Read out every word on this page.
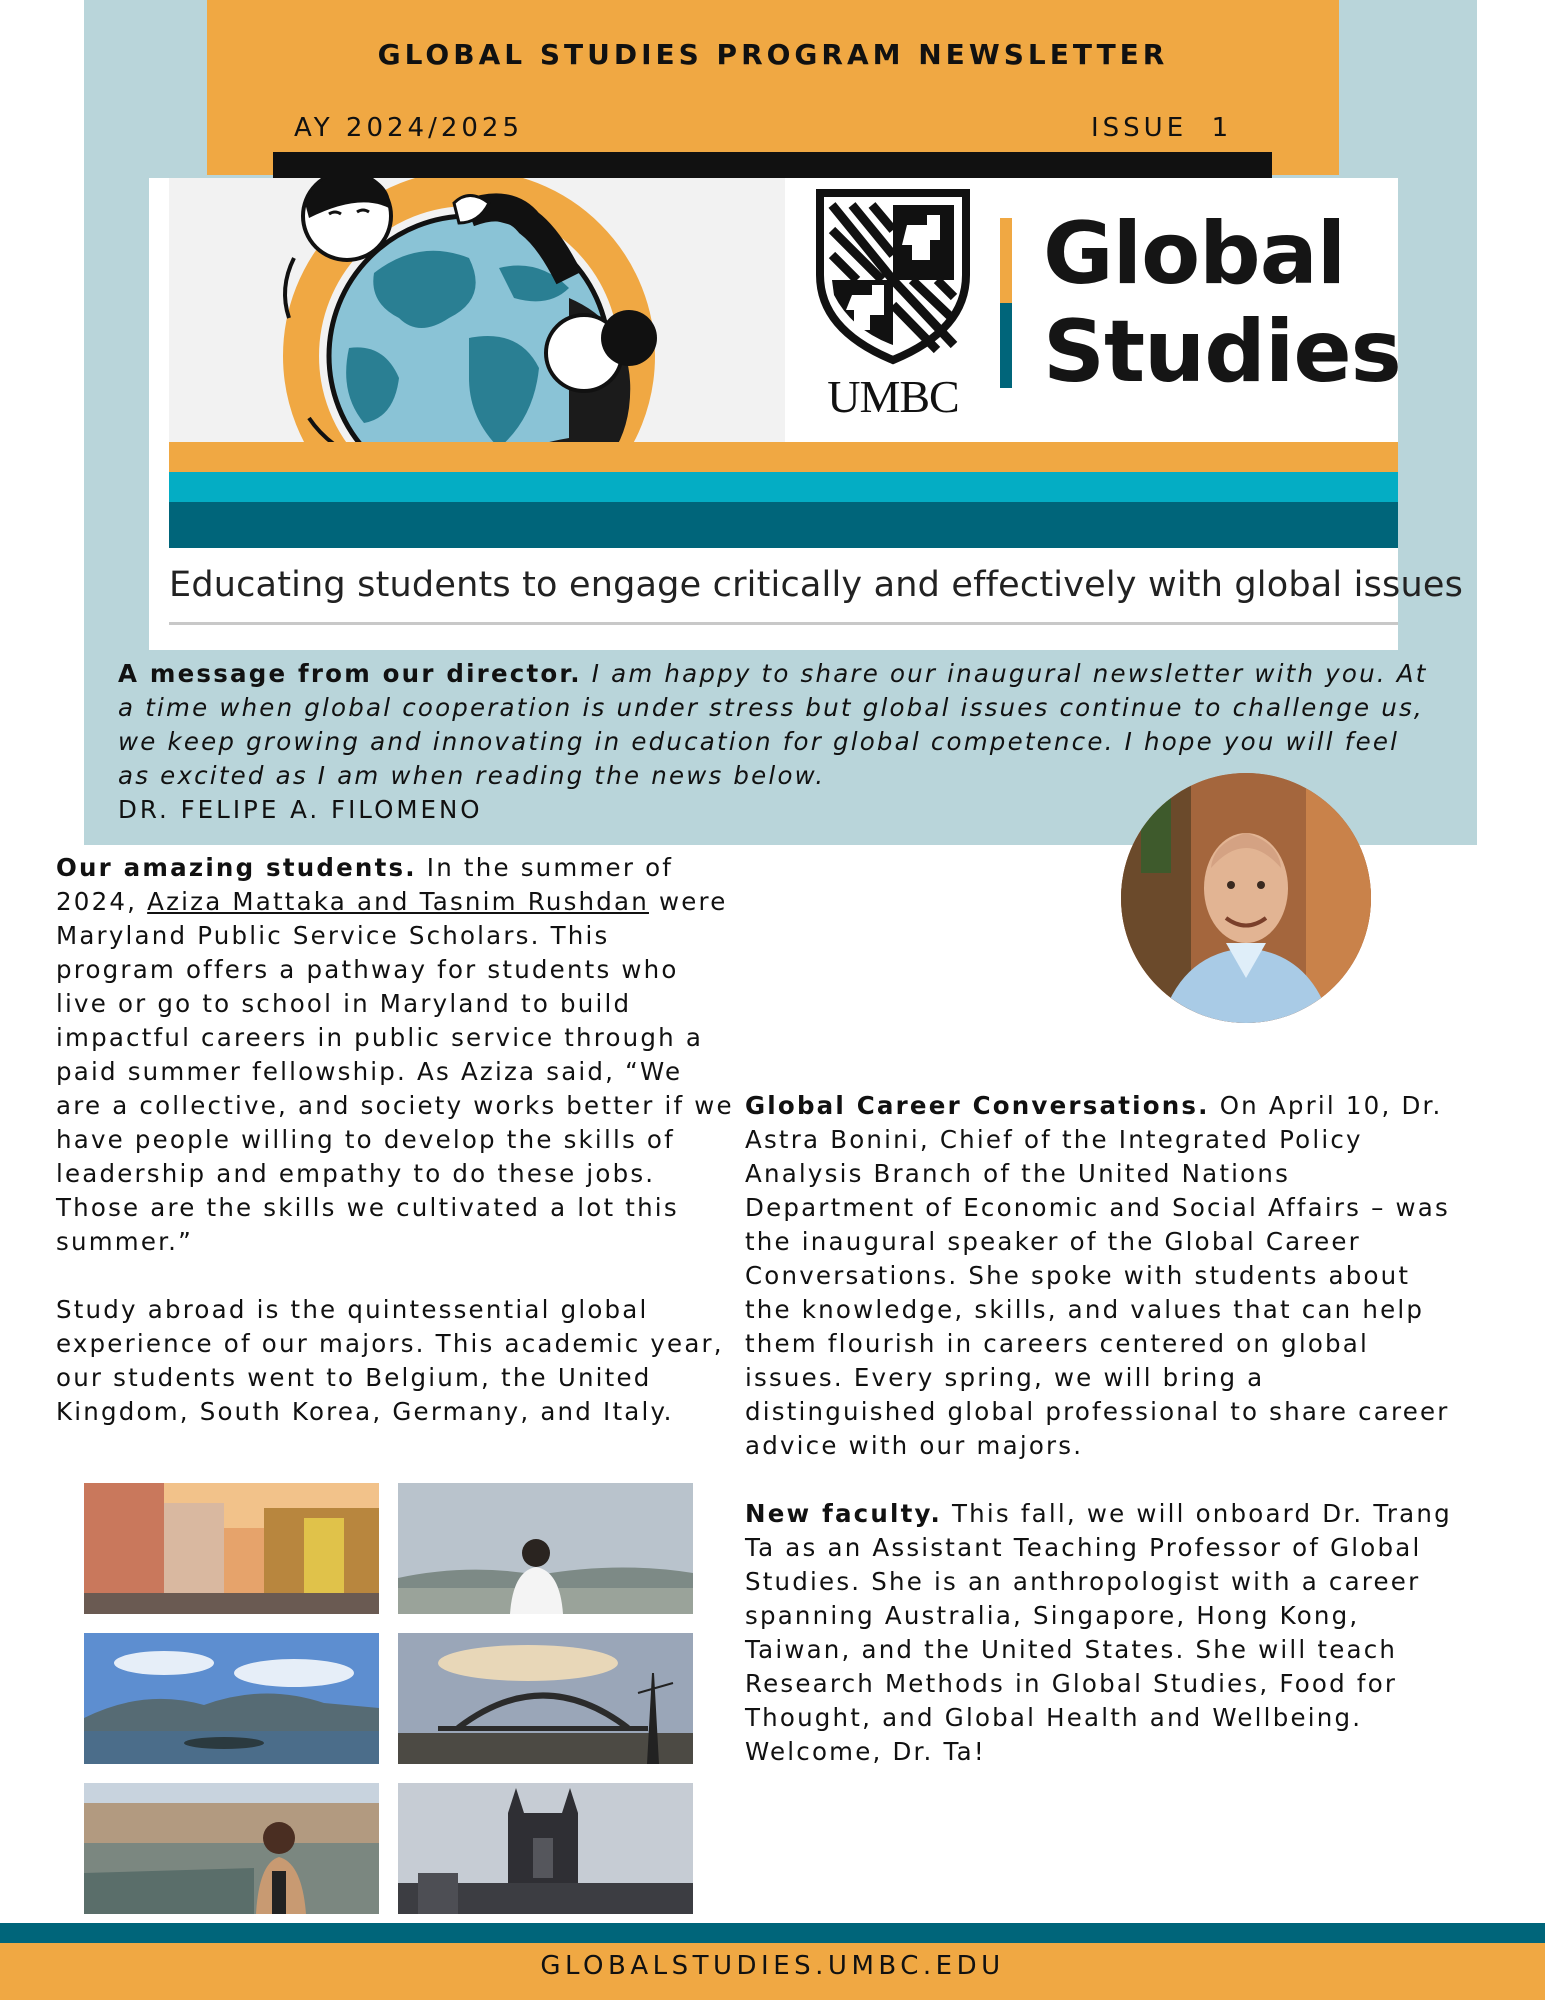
GLOBAL STUDIES PROGRAM NEWSLETTER
AY 2024/2025	ISSUE  1
UMBC
Global
Studies
Educating students to engage critically and effectively with global issues
A message from our director. I am happy to share our inaugural newsletter with you. At a time when global cooperation is under stress but global issues continue to challenge us, we keep growing and innovating in education for global competence. I hope you will feel as excited as I am when reading the news below.
DR. FELIPE A. FILOMENO

Our amazing students. In the summer of 2024, Aziza Mattaka and Tasnim Rushdan were Maryland Public Service Scholars. This program offers a pathway for students who live or go to school in Maryland to build impactful careers in public service through a paid summer fellowship. As Aziza said, “We are a collective, and society works better if we have people willing to develop the skills of leadership and empathy to do these jobs. Those are the skills we cultivated a lot this summer.”

Study abroad is the quintessential global experience of our majors. This academic year, our students went to Belgium, the United Kingdom, South Korea, Germany, and Italy.

Global Career Conversations. On April 10, Dr. Astra Bonini, Chief of the Integrated Policy Analysis Branch of the United Nations Department of Economic and Social Affairs – was the inaugural speaker of the Global Career Conversations. She spoke with students about the knowledge, skills, and values that can help them flourish in careers centered on global issues. Every spring, we will bring a distinguished global professional to share career advice with our majors.

New faculty. This fall, we will onboard Dr. Trang Ta as an Assistant Teaching Professor of Global Studies. She is an anthropologist with a career spanning Australia, Singapore, Hong Kong, Taiwan, and the United States. She will teach Research Methods in Global Studies, Food for Thought, and Global Health and Wellbeing. Welcome, Dr. Ta!

GLOBALSTUDIES.UMBC.EDU
